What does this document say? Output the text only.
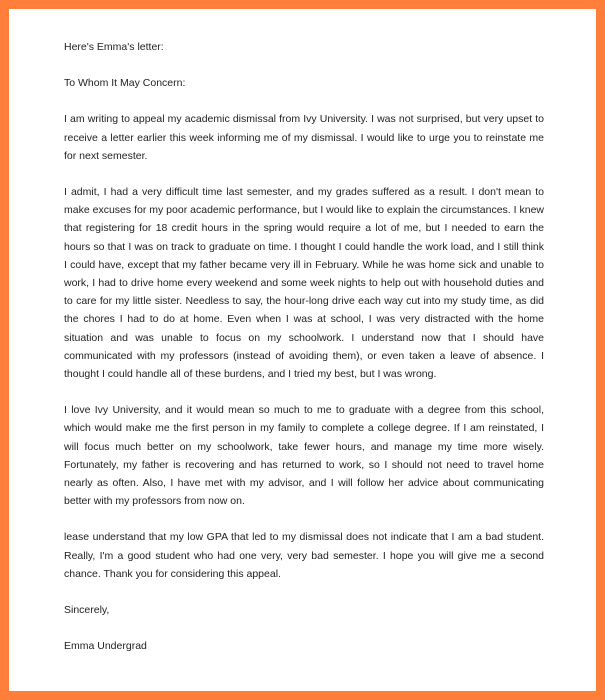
Here's Emma's letter:

To Whom It May Concern:

I am writing to appeal my academic dismissal from Ivy University. I was not surprised, but very upset to receive a letter earlier this week informing me of my dismissal. I would like to urge you to reinstate me for next semester.

I admit, I had a very difficult time last semester, and my grades suffered as a result. I don't mean to make excuses for my poor academic performance, but I would like to explain the circumstances. I knew that registering for 18 credit hours in the spring would require a lot of me, but I needed to earn the hours so that I was on track to graduate on time. I thought I could handle the work load, and I still think I could have, except that my father became very ill in February. While he was home sick and unable to work, I had to drive home every weekend and some week nights to help out with household duties and to care for my little sister. Needless to say, the hour-long drive each way cut into my study time, as did the chores I had to do at home. Even when I was at school, I was very distracted with the home situation and was unable to focus on my schoolwork. I understand now that I should have communicated with my professors (instead of avoiding them), or even taken a leave of absence. I thought I could handle all of these burdens, and I tried my best, but I was wrong.

I love Ivy University, and it would mean so much to me to graduate with a degree from this school, which would make me the first person in my family to complete a college degree. If I am reinstated, I will focus much better on my schoolwork, take fewer hours, and manage my time more wisely. Fortunately, my father is recovering and has returned to work, so I should not need to travel home nearly as often. Also, I have met with my advisor, and I will follow her advice about communicating better with my professors from now on.

lease understand that my low GPA that led to my dismissal does not indicate that I am a bad student. Really, I'm a good student who had one very, very bad semester. I hope you will give me a second chance. Thank you for considering this appeal.

Sincerely,

Emma Undergrad
